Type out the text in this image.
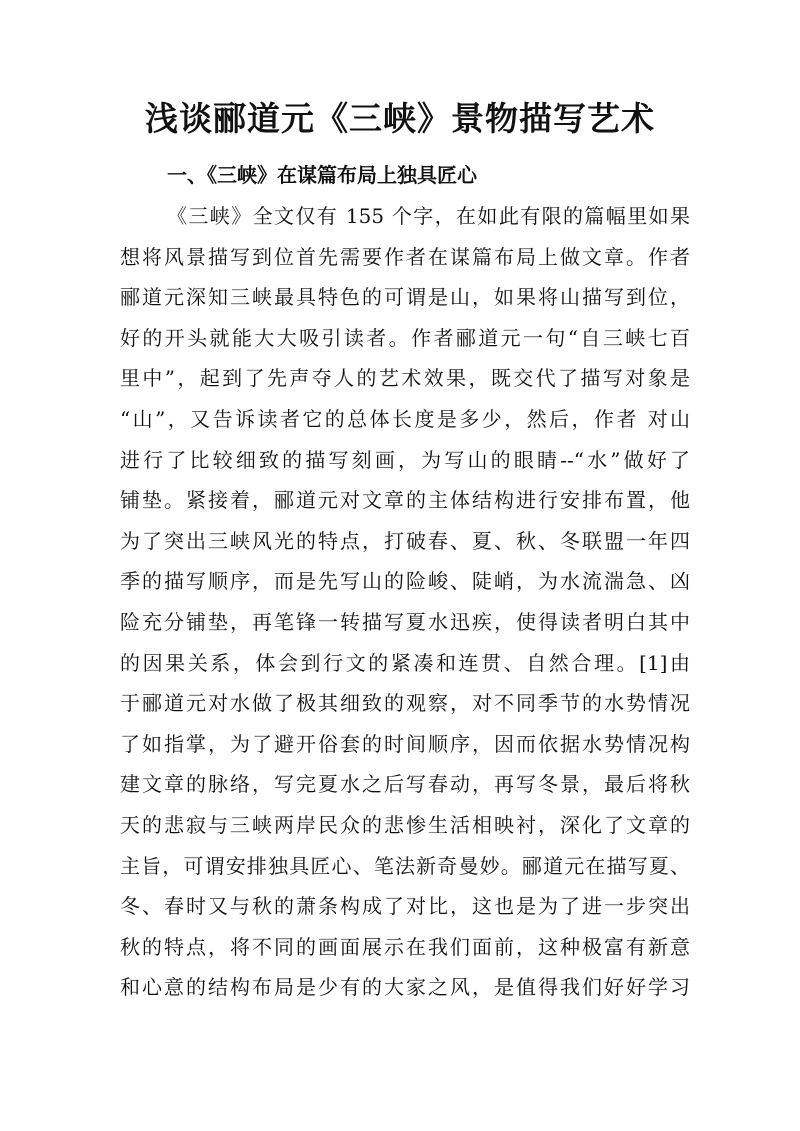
浅谈郦道元《三峡》景物描写艺术
一、《三峡》在谋篇布局上独具匠心
《三峡》全文仅有 155 个字，在如此有限的篇幅里如果
想将风景描写到位首先需要作者在谋篇布局上做文章。作者
郦道元深知三峡最具特色的可谓是山，如果将山描写到位，
好的开头就能大大吸引读者。作者郦道元一句“自三峡七百
里中”，起到了先声夺人的艺术效果，既交代了描写对象是
“山”，又告诉读者它的总体长度是多少，然后，作者 对山
进行了比较细致的描写刻画，为写山的眼睛--“水”做好了
铺垫。紧接着，郦道元对文章的主体结构进行安排布置，他
为了突出三峡风光的特点，打破春、夏、秋、冬联盟一年四
季的描写顺序，而是先写山的险峻、陡峭，为水流湍急、凶
险充分铺垫，再笔锋一转描写夏水迅疾，使得读者明白其中
的因果关系，体会到行文的紧凑和连贯、自然合理。[1]由
于郦道元对水做了极其细致的观察，对不同季节的水势情况
了如指掌，为了避开俗套的时间顺序，因而依据水势情况构
建文章的脉络，写完夏水之后写春动，再写冬景，最后将秋
天的悲寂与三峡两岸民众的悲惨生活相映衬，深化了文章的
主旨，可谓安排独具匠心、笔法新奇曼妙。郦道元在描写夏、
冬、春时又与秋的萧条构成了对比，这也是为了进一步突出
秋的特点，将不同的画面展示在我们面前，这种极富有新意
和心意的结构布局是少有的大家之风，是值得我们好好学习
